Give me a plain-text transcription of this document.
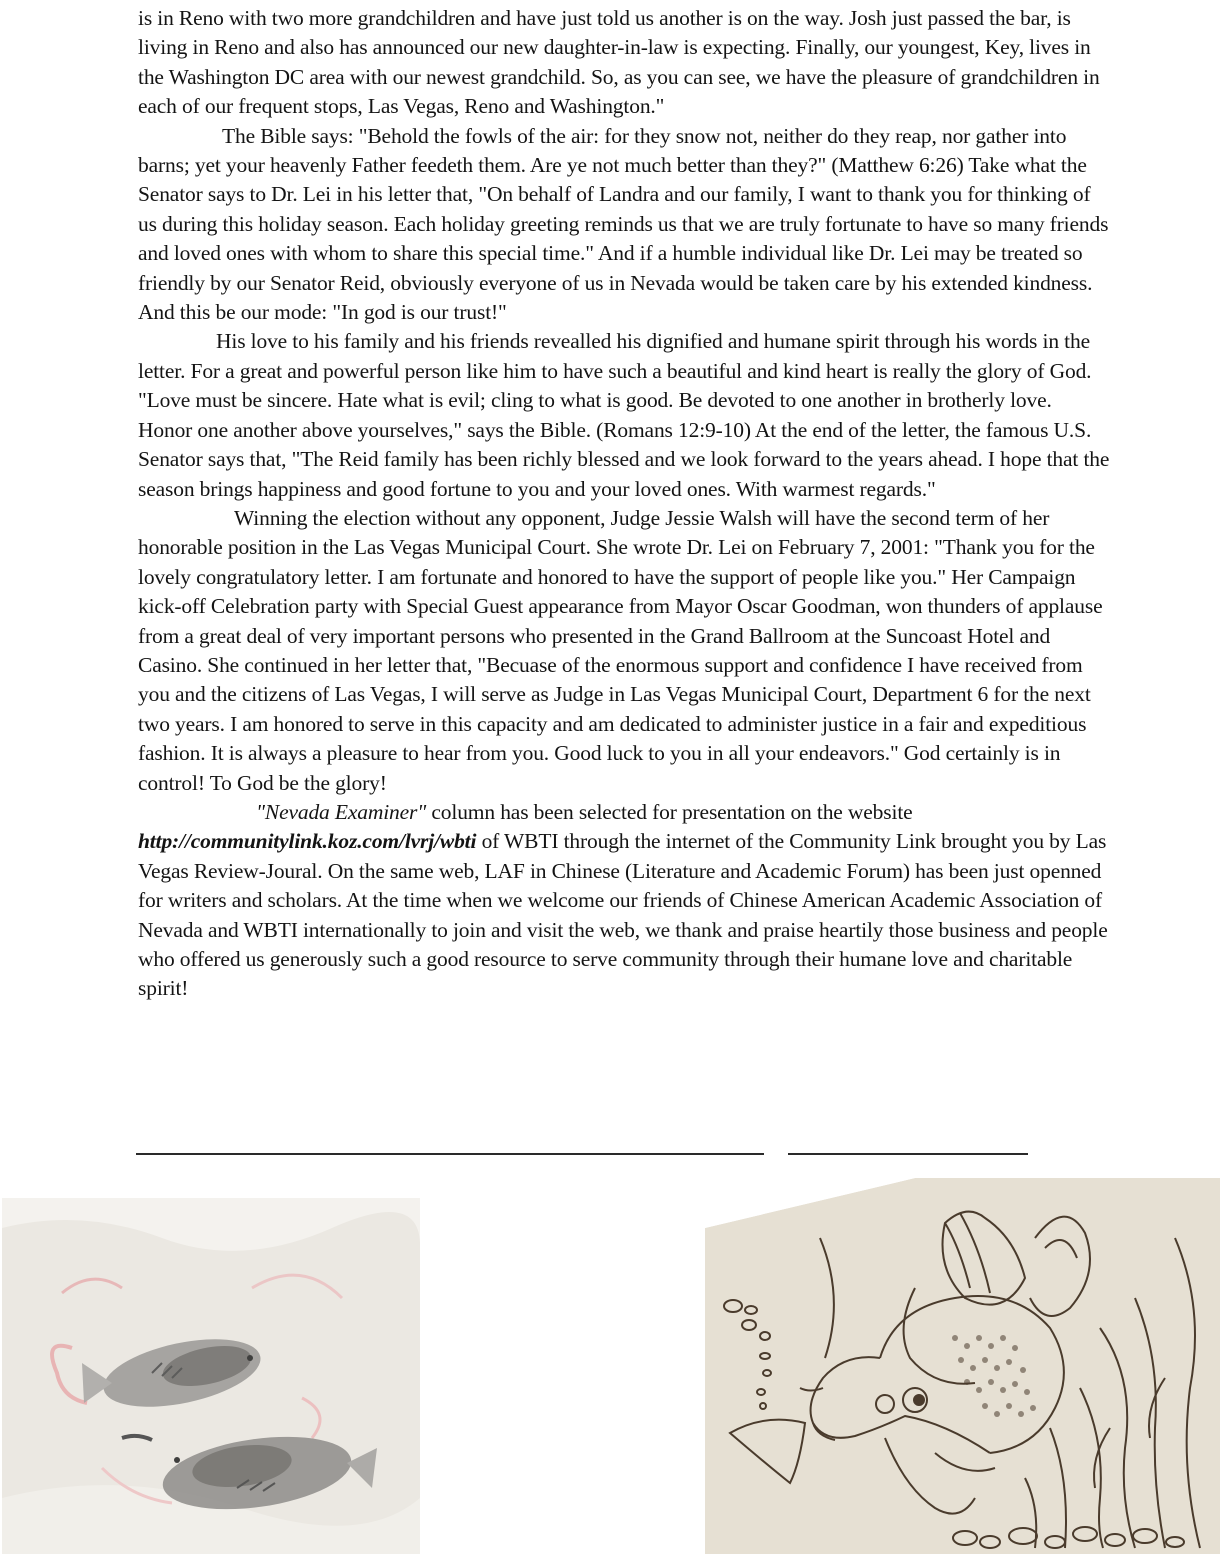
is in Reno with two more grandchildren and have just told us another is on the way. Josh just passed the bar, is living in Reno and also has announced our new daughter-in-law is expecting. Finally, our youngest, Key, lives in the Washington DC area with our newest grandchild. So, as you can see, we have the pleasure of grandchildren in each of our frequent stops, Las Vegas, Reno and Washington."

The Bible says: "Behold the fowls of the air: for they snow not, neither do they reap, nor gather into barns; yet your heavenly Father feedeth them. Are ye not much better than they?" (Matthew 6:26) Take what the Senator says to Dr. Lei in his letter that, "On behalf of Landra and our family, I want to thank you for thinking of us during this holiday season. Each holiday greeting reminds us that we are truly fortunate to have so many friends and loved ones with whom to share this special time." And if a humble individual like Dr. Lei may be treated so friendly by our Senator Reid, obviously everyone of us in Nevada would be taken care by his extended kindness. And this be our mode: "In god is our trust!"

His love to his family and his friends revealled his dignified and humane spirit through his words in the letter. For a great and powerful person like him to have such a beautiful and kind heart is really the glory of God. "Love must be sincere. Hate what is evil; cling to what is good. Be devoted to one another in brotherly love. Honor one another above yourselves," says the Bible. (Romans 12:9-10) At the end of the letter, the famous U.S. Senator says that, "The Reid family has been richly blessed and we look forward to the years ahead. I hope that the season brings happiness and good fortune to you and your loved ones. With warmest regards."

Winning the election without any opponent, Judge Jessie Walsh will have the second term of her honorable position in the Las Vegas Municipal Court. She wrote Dr. Lei on February 7, 2001: "Thank you for the lovely congratulatory letter. I am fortunate and honored to have the support of people like you." Her Campaign kick-off Celebration party with Special Guest appearance from Mayor Oscar Goodman, won thunders of applause from a great deal of very important persons who presented in the Grand Ballroom at the Suncoast Hotel and Casino. She continued in her letter that, "Becuase of the enormous support and confidence I have received from you and the citizens of Las Vegas, I will serve as Judge in Las Vegas Municipal Court, Department 6 for the next two years. I am honored to serve in this capacity and am dedicated to administer justice in a fair and expeditious fashion. It is always a pleasure to hear from you. Good luck to you in all your endeavors." God certainly is in control! To God be the glory!

"Nevada Examiner" column has been selected for presentation on the website http://communitylink.koz.com/lvrj/wbti of WBTI through the internet of the Community Link brought you by Las Vegas Review-Joural. On the same web, LAF in Chinese (Literature and Academic Forum) has been just openned for writers and scholars. At the time when we welcome our friends of Chinese American Academic Association of Nevada and WBTI internationally to join and visit the web, we thank and praise heartily those business and people who offered us generously such a good resource to serve community through their humane love and charitable spirit!
